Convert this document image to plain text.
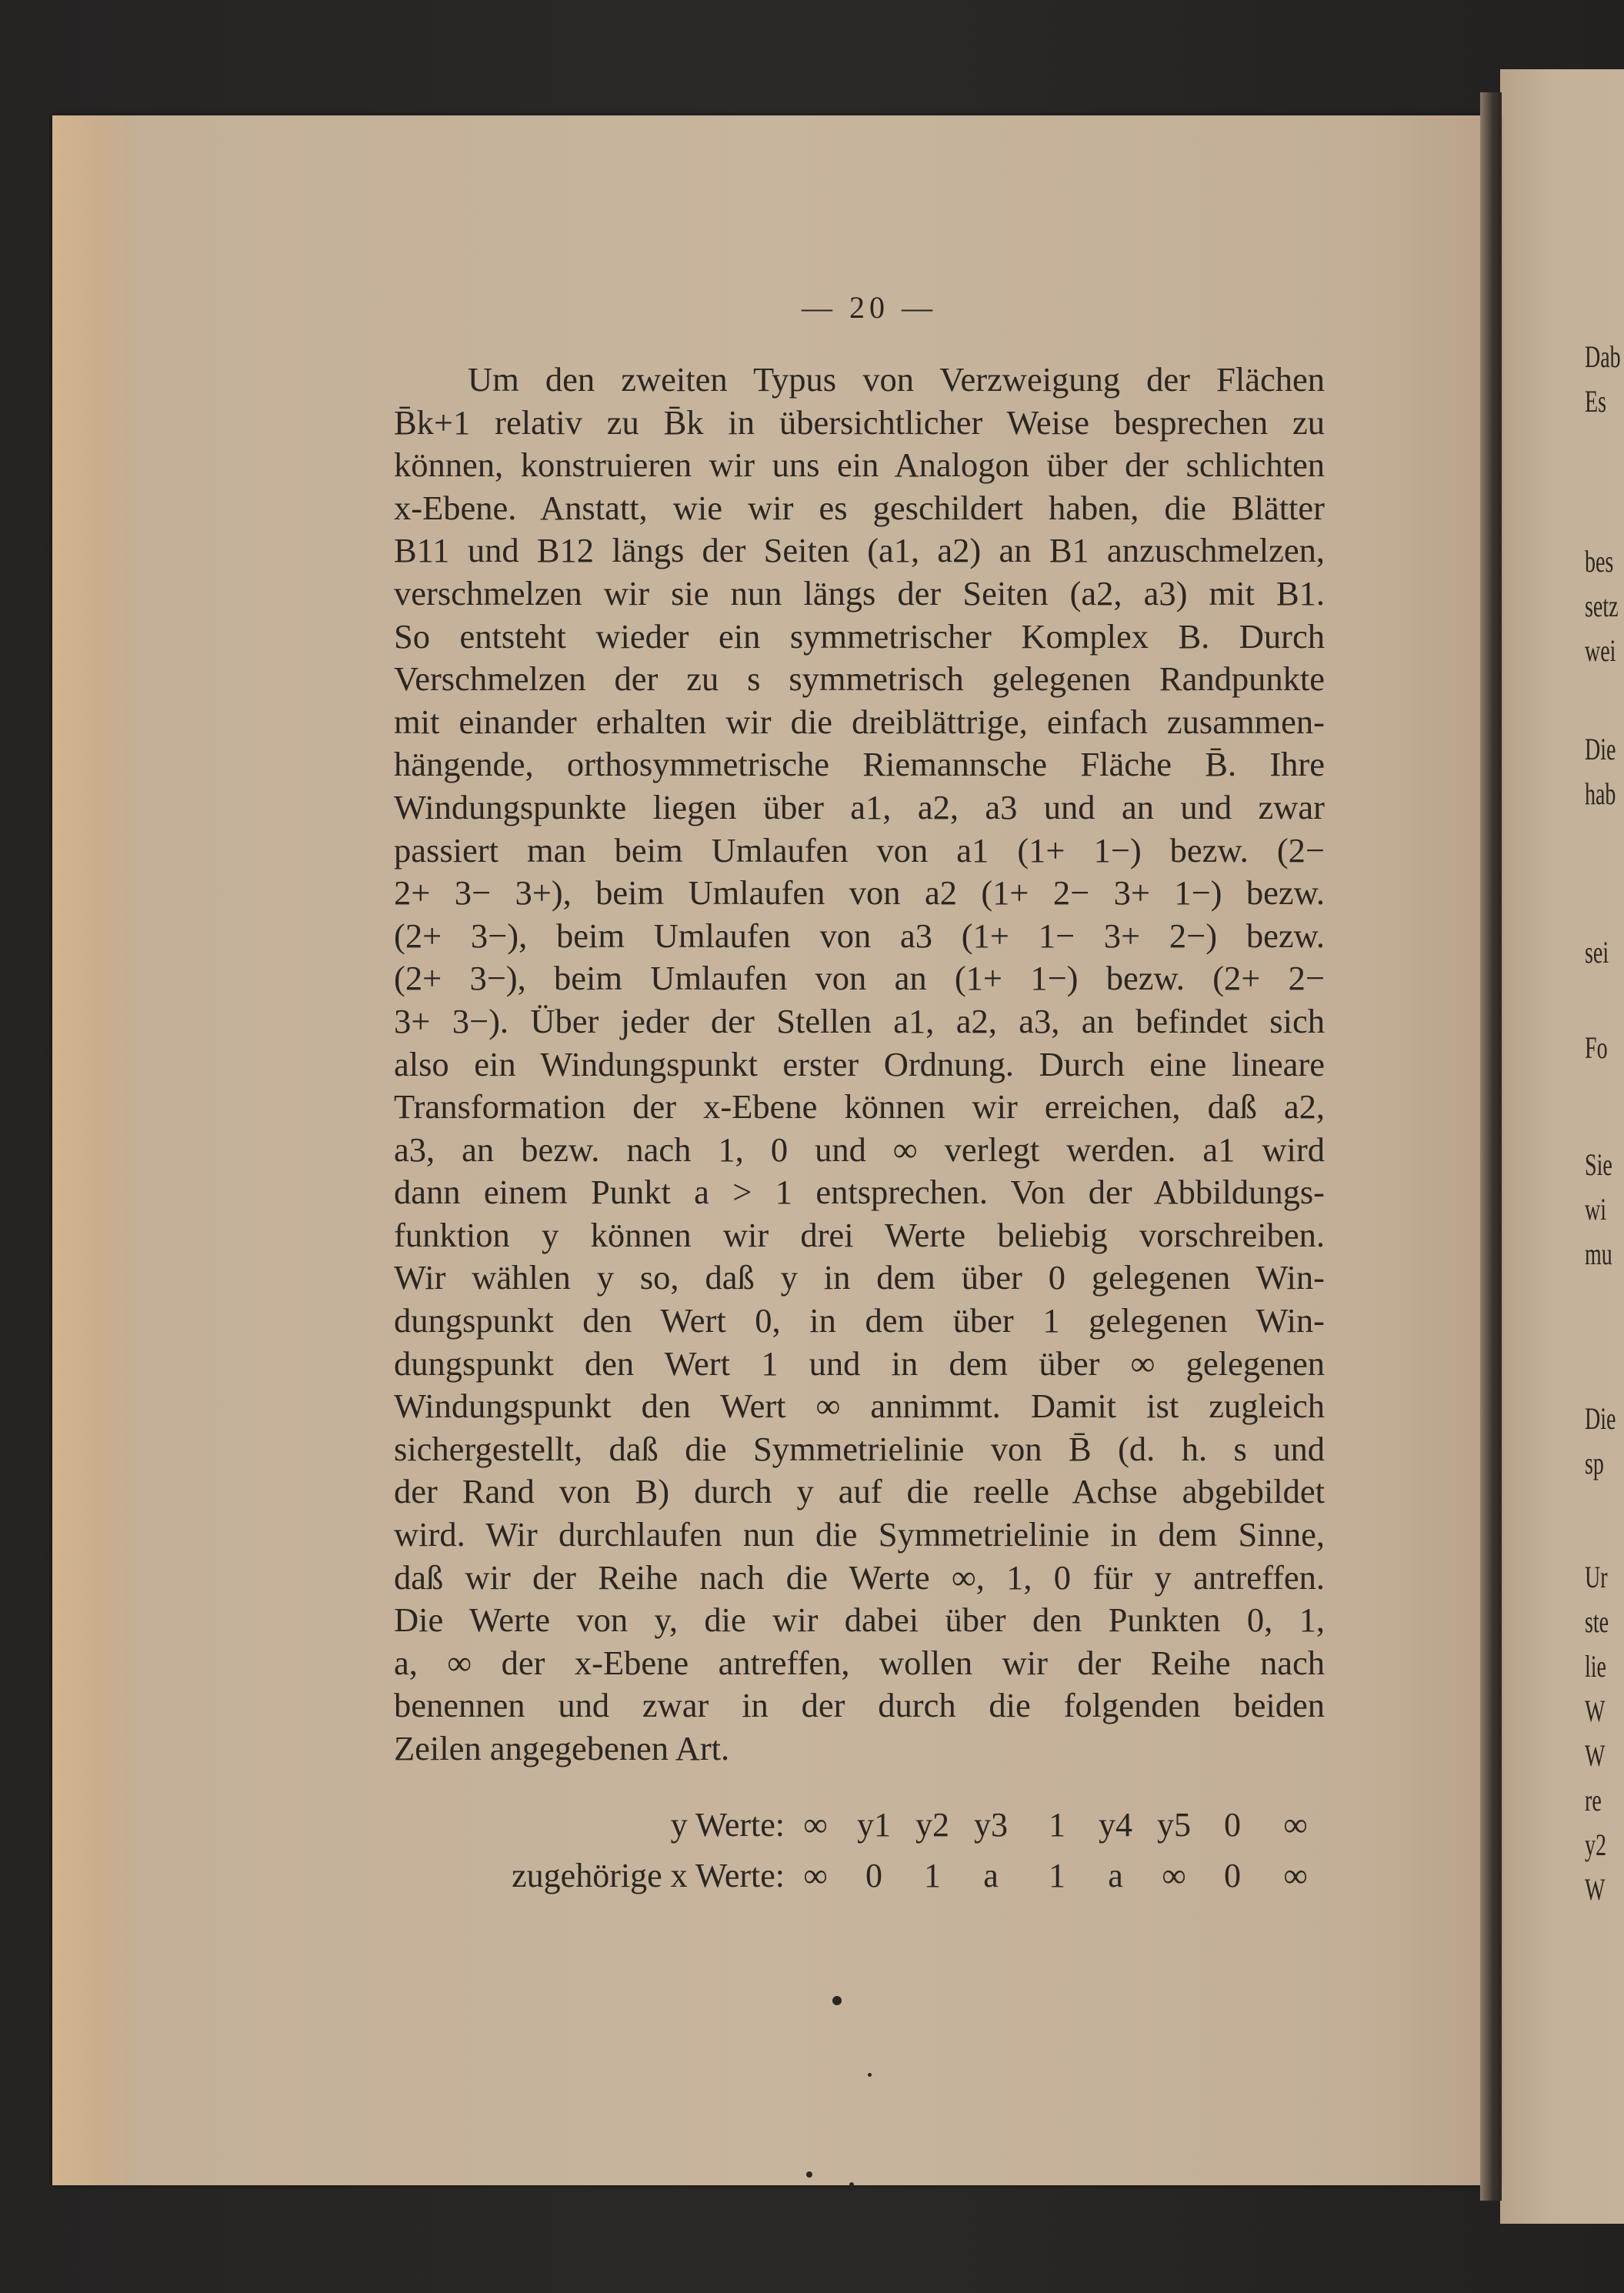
— 20 —
Um den zweiten Typus von Verzweigung der Flächen
B̄k+1 relativ zu B̄k in übersichtlicher Weise besprechen zu
können, konstruieren wir uns ein Analogon über der schlichten
x-Ebene. Anstatt, wie wir es geschildert haben, die Blätter
B11 und B12 längs der Seiten (a1, a2) an B1 anzuschmelzen,
verschmelzen wir sie nun längs der Seiten (a2, a3) mit B1.
So entsteht wieder ein symmetrischer Komplex B. Durch
Verschmelzen der zu s symmetrisch gelegenen Randpunkte
mit einander erhalten wir die dreiblättrige, einfach zusammen-
hängende, orthosymmetrische Riemannsche Fläche B̄. Ihre
Windungspunkte liegen über a1, a2, a3 und an und zwar
passiert man beim Umlaufen von a1 (1+ 1−) bezw. (2−
2+ 3− 3+), beim Umlaufen von a2 (1+ 2− 3+ 1−) bezw.
(2+ 3−), beim Umlaufen von a3 (1+ 1− 3+ 2−) bezw.
(2+ 3−), beim Umlaufen von an (1+ 1−) bezw. (2+ 2−
3+ 3−). Über jeder der Stellen a1, a2, a3, an befindet sich
also ein Windungspunkt erster Ordnung. Durch eine lineare
Transformation der x-Ebene können wir erreichen, daß a2,
a3, an bezw. nach 1, 0 und ∞ verlegt werden. a1 wird
dann einem Punkt a > 1 entsprechen. Von der Abbildungs-
funktion y können wir drei Werte beliebig vorschreiben.
Wir wählen y so, daß y in dem über 0 gelegenen Win-
dungspunkt den Wert 0, in dem über 1 gelegenen Win-
dungspunkt den Wert 1 und in dem über ∞ gelegenen
Windungspunkt den Wert ∞ annimmt. Damit ist zugleich
sichergestellt, daß die Symmetrielinie von B̄ (d. h. s und
der Rand von B) durch y auf die reelle Achse abgebildet
wird. Wir durchlaufen nun die Symmetrielinie in dem Sinne,
daß wir der Reihe nach die Werte ∞, 1, 0 für y antreffen.
Die Werte von y, die wir dabei über den Punkten 0, 1,
a, ∞ der x-Ebene antreffen, wollen wir der Reihe nach
benennen und zwar in der durch die folgenden beiden
Zeilen angegebenen Art.
y Werte: ∞ y1 y2 y3	1 y4 y5 0	∞
zugehörige x Werte: ∞	0	1	a	1	a	∞	0	∞
Dab
Es
bes
setz
wei
Die
hab
sei
Fo
Sie
wi
mu
Die
sp
Ur
ste
lie
W
W
re
y2
W
